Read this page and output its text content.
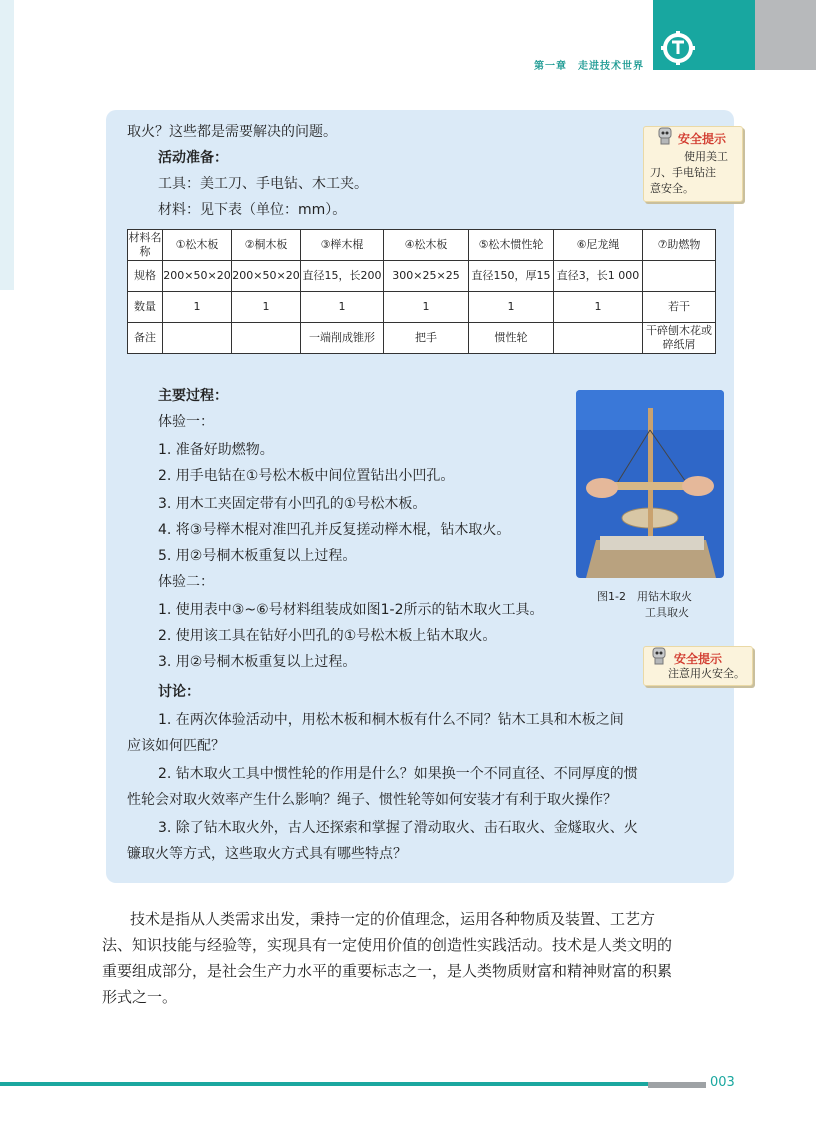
第一章　走进技术世界
取火？这些都是需要解决的问题。
活动准备：
工具：美工刀、手电钻、木工夹。
材料：见下表（单位：mm）。
安全提示
使用美工
刀、手电钻注
意安全。
材料名称	①松木板	②桐木板	③榉木棍	④松木板	⑤松木惯性轮	⑥尼龙绳	⑦助燃物
规格	200×50×20	200×50×20	直径15，长200	300×25×25	直径150，厚15	直径3，长1 000	
数量	1	1	1	1	1	1	若干
备注			一端削成锥形	把手	惯性轮		干碎刨木花或碎纸屑
主要过程：
体验一：
1. 准备好助燃物。
2. 用手电钻在①号松木板中间位置钻出小凹孔。
3. 用木工夹固定带有小凹孔的①号松木板。
4. 将③号榉木棍对准凹孔并反复搓动榉木棍，钻木取火。
5. 用②号桐木板重复以上过程。
体验二：
1. 使用表中③~⑥号材料组装成如图1-2所示的钻木取火工具。
2. 使用该工具在钻好小凹孔的①号松木板上钻木取火。
3. 用②号桐木板重复以上过程。
图1-2　用钻木取火
工具取火
安全提示
注意用火安全。
讨论：
1. 在两次体验活动中，用松木板和桐木板有什么不同？钻木工具和木板之间
应该如何匹配？
2. 钻木取火工具中惯性轮的作用是什么？如果换一个不同直径、不同厚度的惯
性轮会对取火效率产生什么影响？绳子、惯性轮等如何安装才有利于取火操作？
3. 除了钻木取火外，古人还探索和掌握了滑动取火、击石取火、金燧取火、火
镰取火等方式，这些取火方式具有哪些特点？
技术是指从人类需求出发，秉持一定的价值理念，运用各种物质及装置、工艺方
法、知识技能与经验等，实现具有一定使用价值的创造性实践活动。技术是人类文明的
重要组成部分，是社会生产力水平的重要标志之一，是人类物质财富和精神财富的积累
形式之一。
003
